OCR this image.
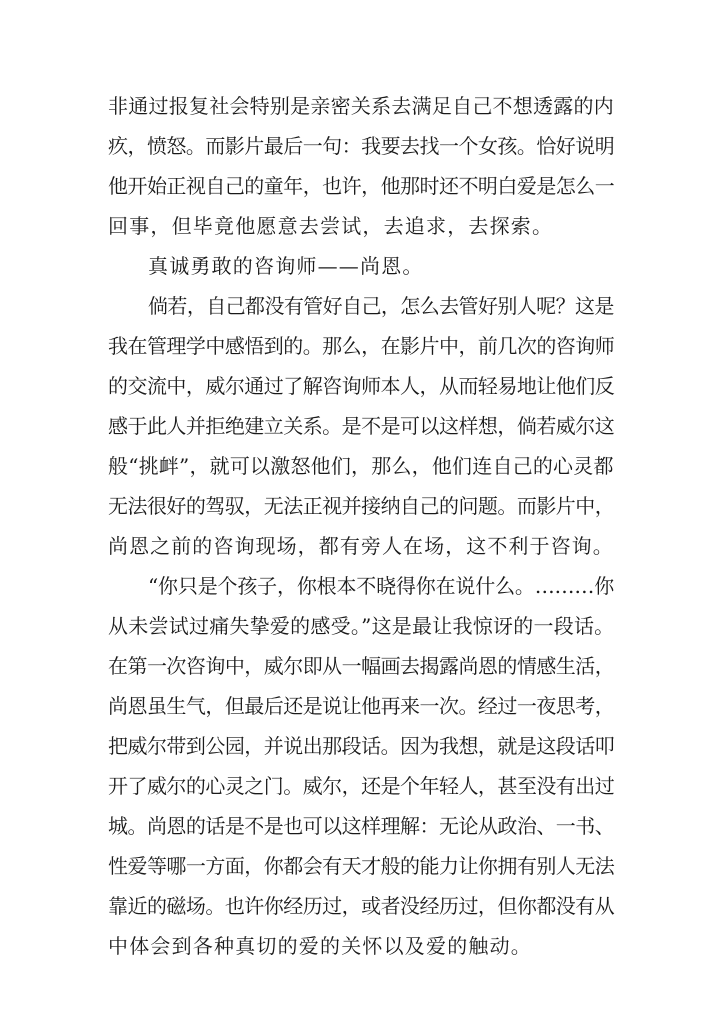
非通过报复社会特别是亲密关系去满足自己不想透露的内
疚，愤怒。而影片最后一句：我要去找一个女孩。恰好说明
他开始正视自己的童年，也许，他那时还不明白爱是怎么一
回事，但毕竟他愿意去尝试，去追求，去探索。
真诚勇敢的咨询师——尚恩。
倘若，自己都没有管好自己，怎么去管好别人呢？这是
我在管理学中感悟到的。那么，在影片中，前几次的咨询师
的交流中，威尔通过了解咨询师本人，从而轻易地让他们反
感于此人并拒绝建立关系。是不是可以这样想，倘若威尔这
般“挑衅”，就可以激怒他们，那么，他们连自己的心灵都
无法很好的驾驭，无法正视并接纳自己的问题。而影片中，
尚恩之前的咨询现场，都有旁人在场，这不利于咨询。
“你只是个孩子，你根本不晓得你在说什么。………你
从未尝试过痛失挚爱的感受。”这是最让我惊讶的一段话。
在第一次咨询中，威尔即从一幅画去揭露尚恩的情感生活，
尚恩虽生气，但最后还是说让他再来一次。经过一夜思考，
把威尔带到公园，并说出那段话。因为我想，就是这段话叩
开了威尔的心灵之门。威尔，还是个年轻人，甚至没有出过
城。尚恩的话是不是也可以这样理解：无论从政治、一书、
性爱等哪一方面，你都会有天才般的能力让你拥有别人无法
靠近的磁场。也许你经历过，或者没经历过，但你都没有从
中体会到各种真切的爱的关怀以及爱的触动。
